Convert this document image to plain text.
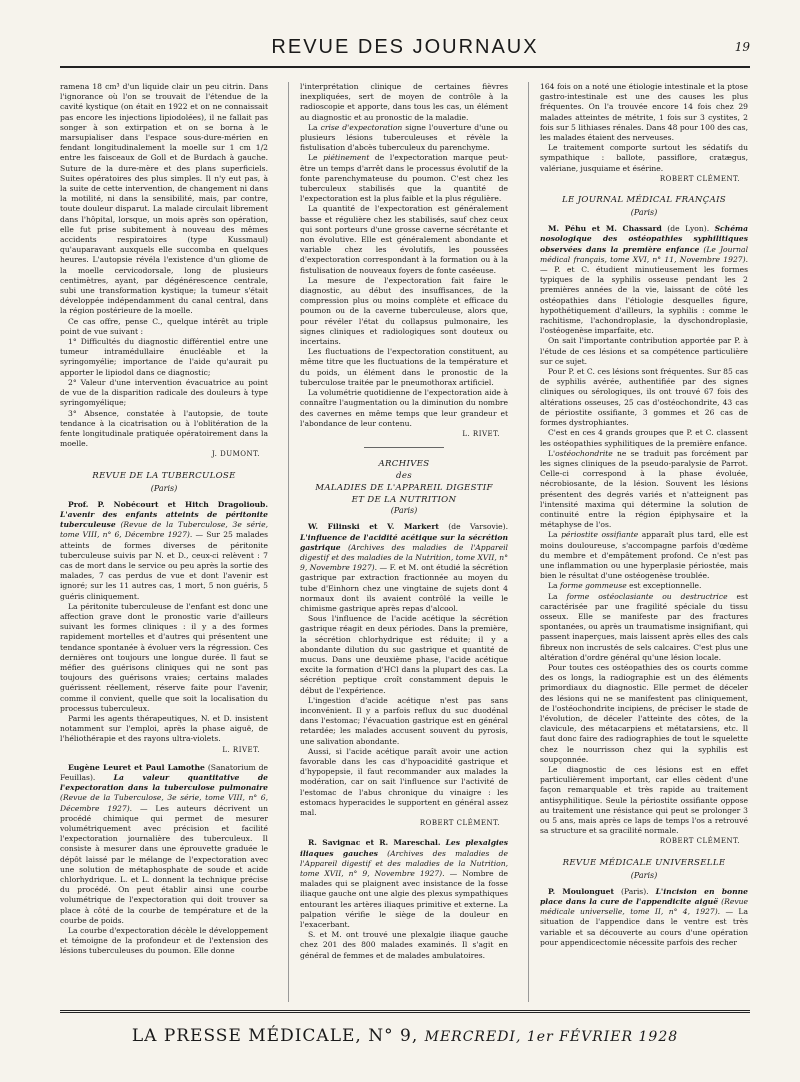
REVUE DES JOURNAUX	19

ramena 18 cm³ d'un liquide clair un peu citrin. Dans l'ignorance où l'on se trouvait de l'étendue de la cavité kystique (on était en 1922 et on ne connaissait pas encore les injections lipiodolées), il ne fallait pas songer à son extirpation et on se borna à le marsupialiser dans l'espace sous-dure-mérien en fendant longitudinalement la moelle sur 1 cm 1/2 entre les faisceaux de Goll et de Burdach à gauche. Suture de la dure-mère et des plans superficiels. Suites opératoires des plus simples. Il n'y eut pas, à la suite de cette intervention, de changement ni dans la motilité, ni dans la sensibilité, mais, par contre, toute douleur disparut. La malade circulait librement dans l'hôpital, lorsque, un mois après son opération, elle fut prise subitement à nouveau des mêmes accidents respiratoires (type Kussmaul) qu'auparavant auxquels elle succomba en quelques heures. L'autopsie révéla l'existence d'un gliome de la moelle cervicodorsale, long de plusieurs centimètres, ayant, par dégénérescence centrale, subi une transformation kystique; la tumeur s'était développée indépendamment du canal central, dans la région postérieure de la moelle.

Ce cas offre, pense C., quelque intérêt au triple point de vue suivant :

1° Difficultés du diagnostic différentiel entre une tumeur intramédullaire énucléable et la syringomyélie; importance de l'aide qu'aurait pu apporter le lipiodol dans ce diagnostic;

2° Valeur d'une intervention évacuatrice au point de vue de la disparition radicale des douleurs à type syringomyélique;

3° Absence, constatée à l'autopsie, de toute tendance à la cicatrisation ou à l'oblitération de la fente longitudinale pratiquée opératoirement dans la moelle.

J. DUMONT.
REVUE DE LA TUBERCULOSE
(Paris)

Prof. P. Nobécourt et Hitch Dragolioub. L'avenir des enfants atteints de péritonite tuberculeuse (Revue de la Tuberculose, 3e série, tome VIII, n° 6, Décembre 1927). — Sur 25 malades atteints de formes diverses de péritonite tuberculeuse suivis par N. et D., ceux-ci relèvent : 7 cas de mort dans le service ou peu après la sortie des malades, 7 cas perdus de vue et dont l'avenir est ignoré; sur les 11 autres cas, 1 mort, 5 non guéris, 5 guéris cliniquement.

La péritonite tuberculeuse de l'enfant est donc une affection grave dont le pronostic varie d'ailleurs suivant les formes cliniques : il y a des formes rapidement mortelles et d'autres qui présentent une tendance spontanée à évoluer vers la régression. Ces dernières ont toujours une longue durée. Il faut se méfier des guérisons cliniques qui ne sont pas toujours des guérisons vraies; certains malades guérissent réellement, réserve faite pour l'avenir, comme il convient, quelle que soit la localisation du processus tuberculeux.

Parmi les agents thérapeutiques, N. et D. insistent notamment sur l'emploi, après la phase aiguë, de l'héliothérapie et des rayons ultra-violets.

L. RIVET.

Eugène Leuret et Paul Lamothe (Sanatorium de Feuillas). La valeur quantitative de l'expectoration dans la tuberculose pulmonaire (Revue de la Tuberculose, 3e série, tome VIII, n° 6, Décembre 1927). — Les auteurs décrivent un procédé chimique qui permet de mesurer volumétriquement avec précision et facilité l'expectoration journalière des tuberculeux. Il consiste à mesurer dans une éprouvette graduée le dépôt laissé par le mélange de l'expectoration avec une solution de métaphosphate de soude et acide chlorhydrique. L. et L. donnent la technique précise du procédé. On peut établir ainsi une courbe volumétrique de l'expectoration qui doit trouver sa place à côté de la courbe de température et de la courbe de poids.

La courbe d'expectoration décèle le développement et témoigne de la profondeur et de l'extension des lésions tuberculeuses du poumon. Elle donne

l'interprétation clinique de certaines fièvres inexpliquées, sert de moyen de contrôle à la radioscopie et apporte, dans tous les cas, un élément au diagnostic et au pronostic de la maladie.

La crise d'expectoration signe l'ouverture d'une ou plusieurs lésions tuberculeuses et révèle la fistulisation d'abcès tuberculeux du parenchyme.

Le piétinement de l'expectoration marque peut-être un temps d'arrêt dans le processus évolutif de la fonte parenchymateuse du poumon. C'est chez les tuberculeux stabilisés que la quantité de l'expectoration est la plus faible et la plus régulière.

La quantité de l'expectoration est généralement basse et régulière chez les stabilisés, sauf chez ceux qui sont porteurs d'une grosse caverne sécrétante et non évolutive. Elle est généralement abondante et variable chez les évolutifs, les poussées d'expectoration correspondant à la formation ou à la fistulisation de nouveaux foyers de fonte caséeuse.

La mesure de l'expectoration fait faire le diagnostic, au début des insuffisances, de la compression plus ou moins complète et efficace du poumon ou de la caverne tuberculeuse, alors que, pour révéler l'état du collapsus pulmonaire, les signes cliniques et radiologiques sont douteux ou incertains.

Les fluctuations de l'expectoration constituent, au même titre que les fluctuations de la température et du poids, un élément dans le pronostic de la tuberculose traitée par le pneumothorax artificiel.

La volumétrie quotidienne de l'expectoration aide à connaître l'augmentation ou la diminution du nombre des cavernes en même temps que leur grandeur et l'abondance de leur contenu.

L. RIVET.
ARCHIVES
des
MALADIES DE L'APPAREIL DIGESTIF
ET DE LA NUTRITION
(Paris)

W. Filinski et V. Markert (de Varsovie). L'influence de l'acidité acétique sur la sécrétion gastrique (Archives des maladies de l'Appareil digestif et des maladies de la Nutrition, tome XVII, n° 9, Novembre 1927). — F. et M. ont étudié la sécrétion gastrique par extraction fractionnée au moyen du tube d'Einhorn chez une vingtaine de sujets dont 4 normaux dont ils avaient contrôlé la veille le chimisme gastrique après repas d'alcool.

Sous l'influence de l'acide acétique la sécrétion gastrique réagit en deux périodes. Dans la première, la sécrétion chlorhydrique est réduite; il y a abondante dilution du suc gastrique et quantité de mucus. Dans une deuxième phase, l'acide acétique excite la formation d'HCl dans la plupart des cas. La sécrétion peptique croît constamment depuis le début de l'expérience.

L'ingestion d'acide acétique n'est pas sans inconvénient. Il y a parfois reflux du suc duodénal dans l'estomac; l'évacuation gastrique est en général retardée; les malades accusent souvent du pyrosis, une salivation abondante.

Aussi, si l'acide acétique paraît avoir une action favorable dans les cas d'hypoacidité gastrique et d'hypopepsie, il faut recommander aux malades la modération, car on sait l'influence sur l'activité de l'estomac de l'abus chronique du vinaigre : les estomacs hyperacides le supportent en général assez mal.

ROBERT CLÉMENT.

R. Savignac et R. Mareschal. Les plexalgies iliaques gauches (Archives des maladies de l'Appareil digestif et des maladies de la Nutrition, tome XVII, n° 9, Novembre 1927). — Nombre de malades qui se plaignent avec insistance de la fosse iliaque gauche ont une algie des plexus sympathiques entourant les artères iliaques primitive et externe. La palpation vérifie le siège de la douleur en l'exacerbant.

S. et M. ont trouvé une plexalgie iliaque gauche chez 201 des 800 malades examinés. Il s'agit en général de femmes et de malades ambulatoires.

164 fois on a noté une étiologie intestinale et la ptose gastro-intestinale est une des causes les plus fréquentes. On l'a trouvée encore 14 fois chez 29 malades atteintes de métrite, 1 fois sur 3 cystites, 2 fois sur 5 lithiases rénales. Dans 48 pour 100 des cas, les malades étaient des nerveuses.

Le traitement comporte surtout les sédatifs du sympathique : ballote, passiflore, cratægus, valériane, jusquiame et ésérine.

ROBERT CLÉMENT.
LE JOURNAL MÉDICAL FRANÇAIS
(Paris)

M. Péhu et M. Chassard (de Lyon). Schéma nosologique des ostéopathies syphilitiques observées dans la première enfance (Le Journal médical français, tome XVI, n° 11, Novembre 1927). — P. et C. étudient minutieusement les formes typiques de la syphilis osseuse pendant les 2 premières années de la vie, laissant de côté les ostéopathies dans l'étiologie desquelles figure, hypothétiquement d'ailleurs, la syphilis : comme le rachitisme, l'achondroplasie, la dyschondroplasie, l'ostéogenèse imparfaite, etc.

On sait l'importante contribution apportée par P. à l'étude de ces lésions et sa compétence particulière sur ce sujet.

Pour P. et C. ces lésions sont fréquentes. Sur 85 cas de syphilis avérée, authentifiée par des signes cliniques ou sérologiques, ils ont trouvé 67 fois des altérations osseuses, 25 cas d'ostéochondrite, 43 cas de périostite ossifiante, 3 gommes et 26 cas de formes dystrophiantes.

C'est en ces 4 grands groupes que P. et C. classent les ostéopathies syphilitiques de la première enfance.

L'ostéochondrite ne se traduit pas forcément par les signes cliniques de la pseudo-paralysie de Parrot. Celle-ci correspond à la phase évoluée, nécrobiosante, de la lésion. Souvent les lésions présentent des degrés variés et n'atteignent pas l'intensité maxima qui détermine la solution de continuité entre la région épiphysaire et la métaphyse de l'os.

La périostite ossifiante apparaît plus tard, elle est moins douloureuse, s'accompagne parfois d'œdème du membre et d'empâtement profond. Ce n'est pas une inflammation ou une hyperplasie périostée, mais bien le résultat d'une ostéogenèse troublée.

La forme gommeuse est exceptionnelle.

La forme ostéoclasiante ou destructrice est caractérisée par une fragilité spéciale du tissu osseux. Elle se manifeste par des fractures spontanées, ou après un traumatisme insignifiant, qui passent inaperçues, mais laissent après elles des cals fibreux non incrustés de sels calcaires. C'est plus une altération d'ordre général qu'une lésion locale.

Pour toutes ces ostéopathies des os courts comme des os longs, la radiographie est un des éléments primordiaux du diagnostic. Elle permet de déceler des lésions qui ne se manifestent pas cliniquement, de l'ostéochondrite incipiens, de préciser le stade de l'évolution, de déceler l'atteinte des côtes, de la clavicule, des métacarpiens et métatarsiens, etc. Il faut donc faire des radiographies de tout le squelette chez le nourrisson chez qui la syphilis est soupçonnée.

Le diagnostic de ces lésions est en effet particulièrement important, car elles cèdent d'une façon remarquable et très rapide au traitement antisyphilitique. Seule la périostite ossifiante oppose au traitement une résistance qui peut se prolonger 3 ou 5 ans, mais après ce laps de temps l'os a retrouvé sa structure et sa gracilité normale.

ROBERT CLÉMENT.
REVUE MÉDICALE UNIVERSELLE
(Paris)

P. Moulonguet (Paris). L'incision en bonne place dans la cure de l'appendicite aiguë (Revue médicale universelle, tome II, n° 4, 1927). — La situation de l'appendice dans le ventre est très variable et sa découverte au cours d'une opération pour appendicectomie nécessite parfois des recher

LA PRESSE MÉDICALE, N° 9, MERCREDI, 1er FÉVRIER 1928
